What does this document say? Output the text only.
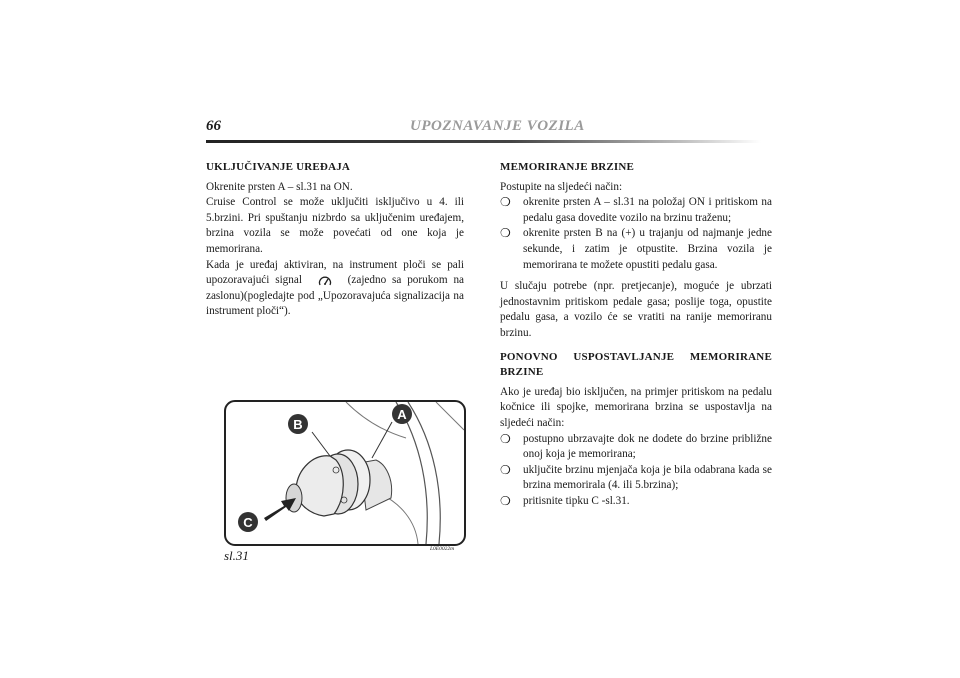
66	UPOZNAVANJE VOZILA
UKLJUČIVANJE UREĐAJA

Okrenite prsten A – sl.31 na ON.

Cruise Control se može uključiti isključivo u 4. ili 5.brzini. Pri spuštanju nizbrdo sa uključenim uređajem, brzina vozila se može povećati od one koja je memorirana.

Kada je uređaj aktiviran, na instrument ploči se pali upozoravajući signal	(zajedno sa porukom na zaslonu)(pogledajte pod „Upozoravajuća signalizacija na instrument ploči“).

MEMORIRANJE BRZINE

Postupite na sljedeći način:

❍ okrenite prsten A – sl.31 na položaj ON i pritiskom na pedalu gasa dovedite vozilo na brzinu traženu;
❍ okrenite prsten B na (+) u trajanju od najmanje jedne sekunde, i zatim je otpustite. Brzina vozila je memorirana te možete opustiti pedalu gasa.

U slučaju potrebe (npr. pretjecanje), moguće je ubrzati jednostavnim pritiskom pedale gasa; poslije toga, opustite pedalu gasa, a vozilo će se vratiti na ranije memoriranu brzinu.

PONOVNO USPOSTAVLJANJE MEMORIRANE BRZINE

Ako je uređaj bio isključen, na primjer pritiskom na pedalu kočnice ili spojke, memorirana brzina se uspostavlja na sljedeći način:

❍ postupno ubrzavajte dok ne dodete do brzine približne onoj koja je memorirana;
❍ uključite brzinu mjenjača koja je bila odabrana kada se brzina memorirala (4. ili 5.brzina);
❍ pritisnite tipku C -sl.31.
B
A
C
sl.31	L0E0022m
